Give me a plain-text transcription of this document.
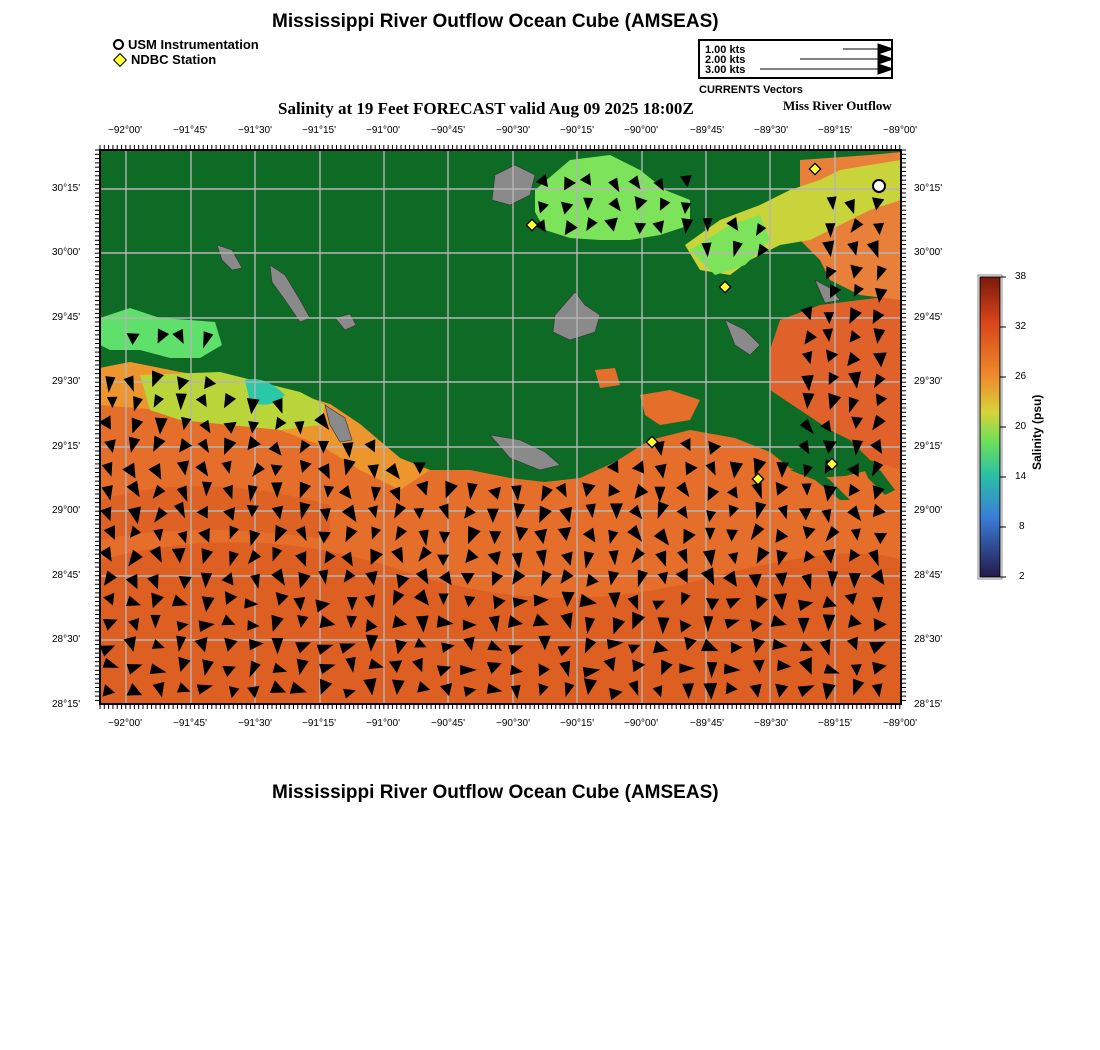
Mississippi River Outflow Ocean Cube (AMSEAS)
USM Instrumentation
NDBC Station
1.00 kts
2.00 kts
3.00 kts
CURRENTS Vectors
Salinity at 19 Feet FORECAST valid Aug 09 2025 18:00Z	Miss River Outflow
−92°00'	−91°45'	−91°30'	−91°15'	−91°00'	−90°45'	−90°30'	−90°15'	−90°00'	−89°45'	−89°30'	−89°15'	−89°00'
−92°00'	−91°45'	−91°30'	−91°15'	−91°00'	−90°45'	−90°30'	−90°15'	−90°00'	−89°45'	−89°30'	−89°15'	−89°00'
30°15'
30°00'
29°45'
29°30'
29°15'
29°00'
28°45'
28°30'
28°15'
30°15'
30°00'
29°45'
29°30'
29°15'
29°00'
28°45'
28°30'
28°15'
38
32
26
20
14
8
2
Salinity (psu)
Mississippi River Outflow Ocean Cube (AMSEAS)
